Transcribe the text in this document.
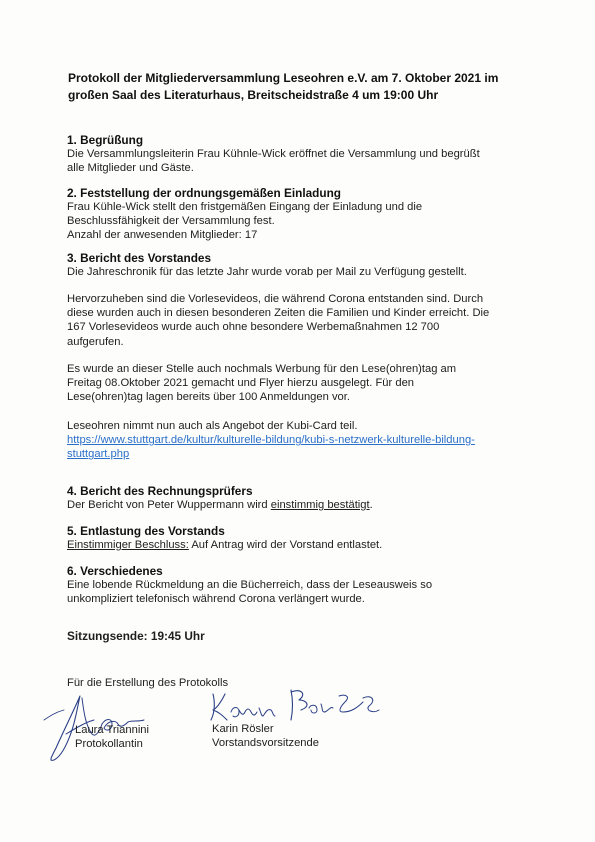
Protokoll der Mitgliederversammlung Leseohren e.V. am 7. Oktober 2021 im
großen Saal des Literaturhaus, Breitscheidstraße 4 um 19:00 Uhr
1. Begrüßung
Die Versammlungsleiterin Frau Kühnle-Wick eröffnet die Versammlung und begrüßt
alle Mitglieder und Gäste.
2. Feststellung der ordnungsgemäßen Einladung
Frau Kühle-Wick stellt den fristgemäßen Eingang der Einladung und die
Beschlussfähigkeit der Versammlung fest.
Anzahl der anwesenden Mitglieder: 17
3. Bericht des Vorstandes
Die Jahreschronik für das letzte Jahr wurde vorab per Mail zu Verfügung gestellt.
Hervorzuheben sind die Vorlesevideos, die während Corona entstanden sind. Durch
diese wurden auch in diesen besonderen Zeiten die Familien und Kinder erreicht. Die
167 Vorlesevideos wurde auch ohne besondere Werbemaßnahmen 12 700
aufgerufen.
Es wurde an dieser Stelle auch nochmals Werbung für den Lese(ohren)tag am
Freitag 08.Oktober 2021 gemacht und Flyer hierzu ausgelegt. Für den
Lese(ohren)tag lagen bereits über 100 Anmeldungen vor.
Leseohren nimmt nun auch als Angebot der Kubi-Card teil.
https://www.stuttgart.de/kultur/kulturelle-bildung/kubi-s-netzwerk-kulturelle-bildung-
stuttgart.php
4. Bericht des Rechnungsprüfers
Der Bericht von Peter Wuppermann wird einstimmig bestätigt.
5. Entlastung des Vorstands
Einstimmiger Beschluss: Auf Antrag wird der Vorstand entlastet.
6. Verschiedenes
Eine lobende Rückmeldung an die Bücherreich, dass der Leseausweis so
unkompliziert telefonisch während Corona verlängert wurde.
Sitzungsende: 19:45 Uhr
Für die Erstellung des Protokolls
Laura Triannini
Protokollantin
Karin Rösler
Vorstandsvorsitzende
